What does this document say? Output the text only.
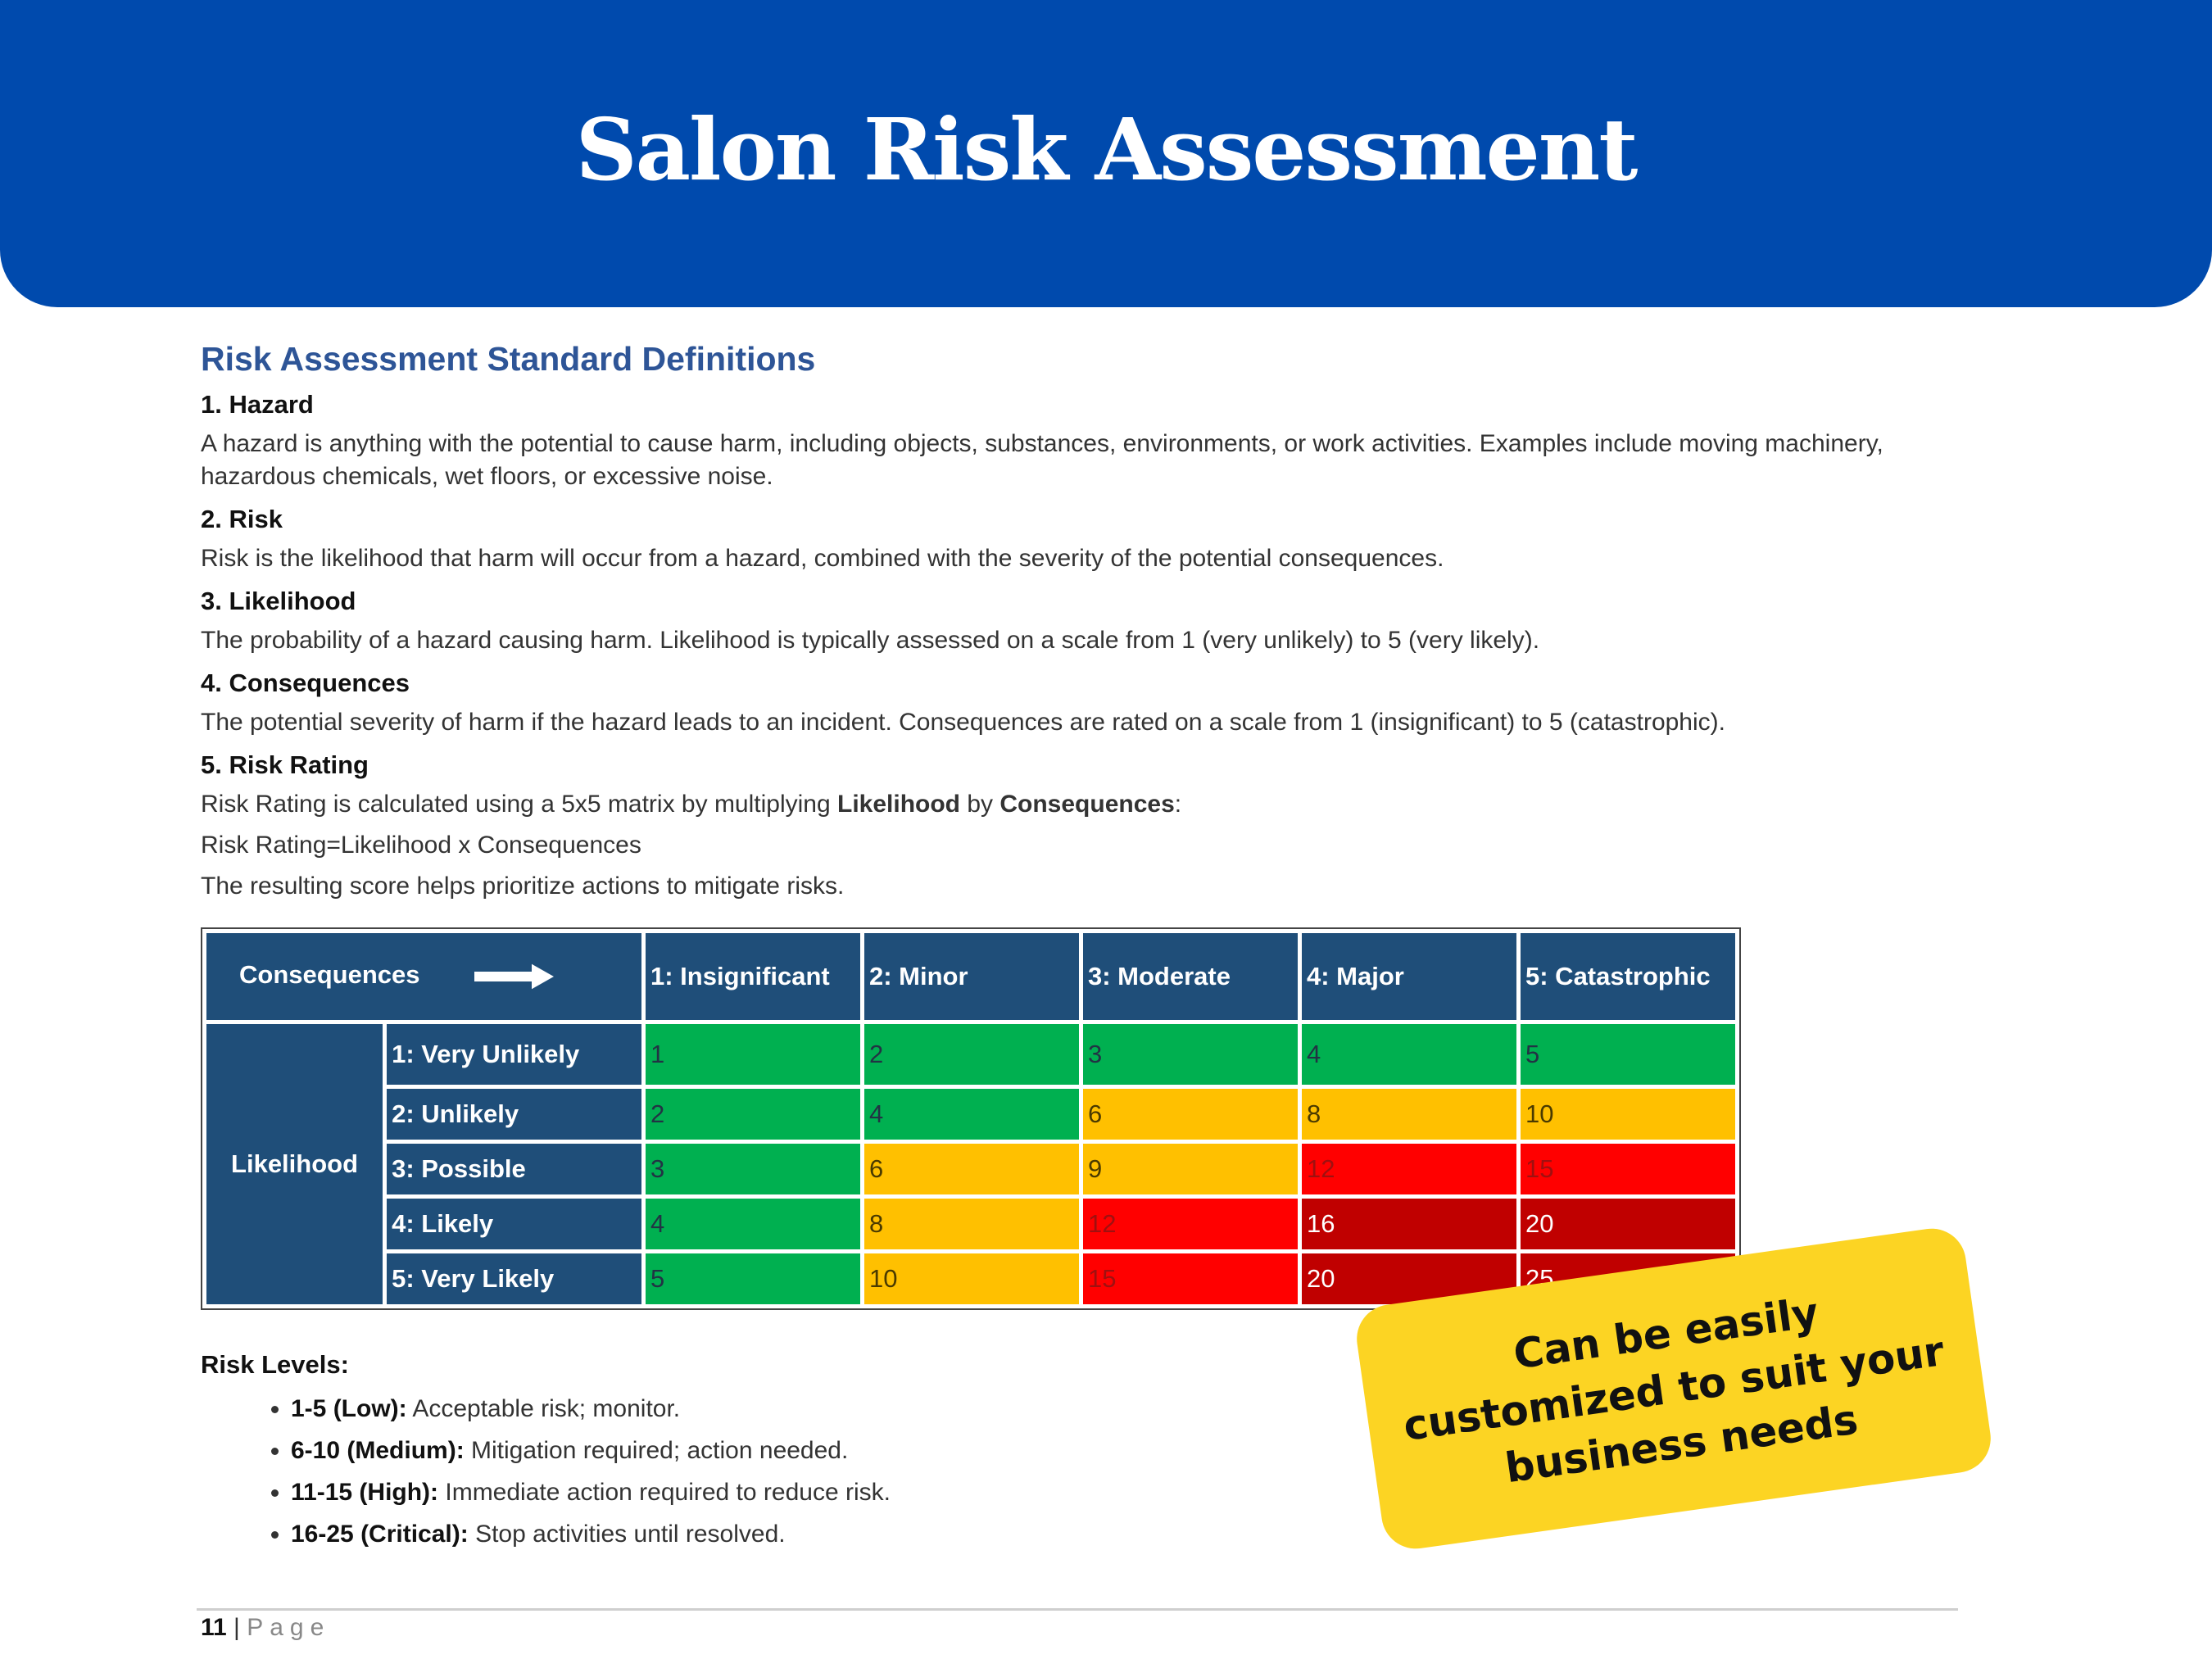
Salon Risk Assessment
Risk Assessment Standard Definitions
1. Hazard
A hazard is anything with the potential to cause harm, including objects, substances, environments, or work activities. Examples include moving machinery, hazardous chemicals, wet floors, or excessive noise.
2. Risk
Risk is the likelihood that harm will occur from a hazard, combined with the severity of the potential consequences.
3. Likelihood
The probability of a hazard causing harm. Likelihood is typically assessed on a scale from 1 (very unlikely) to 5 (very likely).
4. Consequences
The potential severity of harm if the hazard leads to an incident. Consequences are rated on a scale from 1 (insignificant) to 5 (catastrophic).
5. Risk Rating
Risk Rating is calculated using a 5x5 matrix by multiplying Likelihood by Consequences:
Risk Rating=Likelihood x Consequences
The resulting score helps prioritize actions to mitigate risks.
Consequences		1: Insignificant	2: Minor	3: Moderate	4: Major	5: Catastrophic
Likelihood	1: Very Unlikely	1	2	3	4	5
	2: Unlikely	2	4	6	8	10
	3: Possible	3	6	9	12	15
	4: Likely	4	8	12	16	20
	5: Very Likely	5	10	15	20	25
Risk Levels:
• 1-5 (Low): Acceptable risk; monitor.
• 6-10 (Medium): Mitigation required; action needed.
• 11-15 (High): Immediate action required to reduce risk.
• 16-25 (Critical): Stop activities until resolved.
11 | Page
Can be easily customized to suit your business needs
